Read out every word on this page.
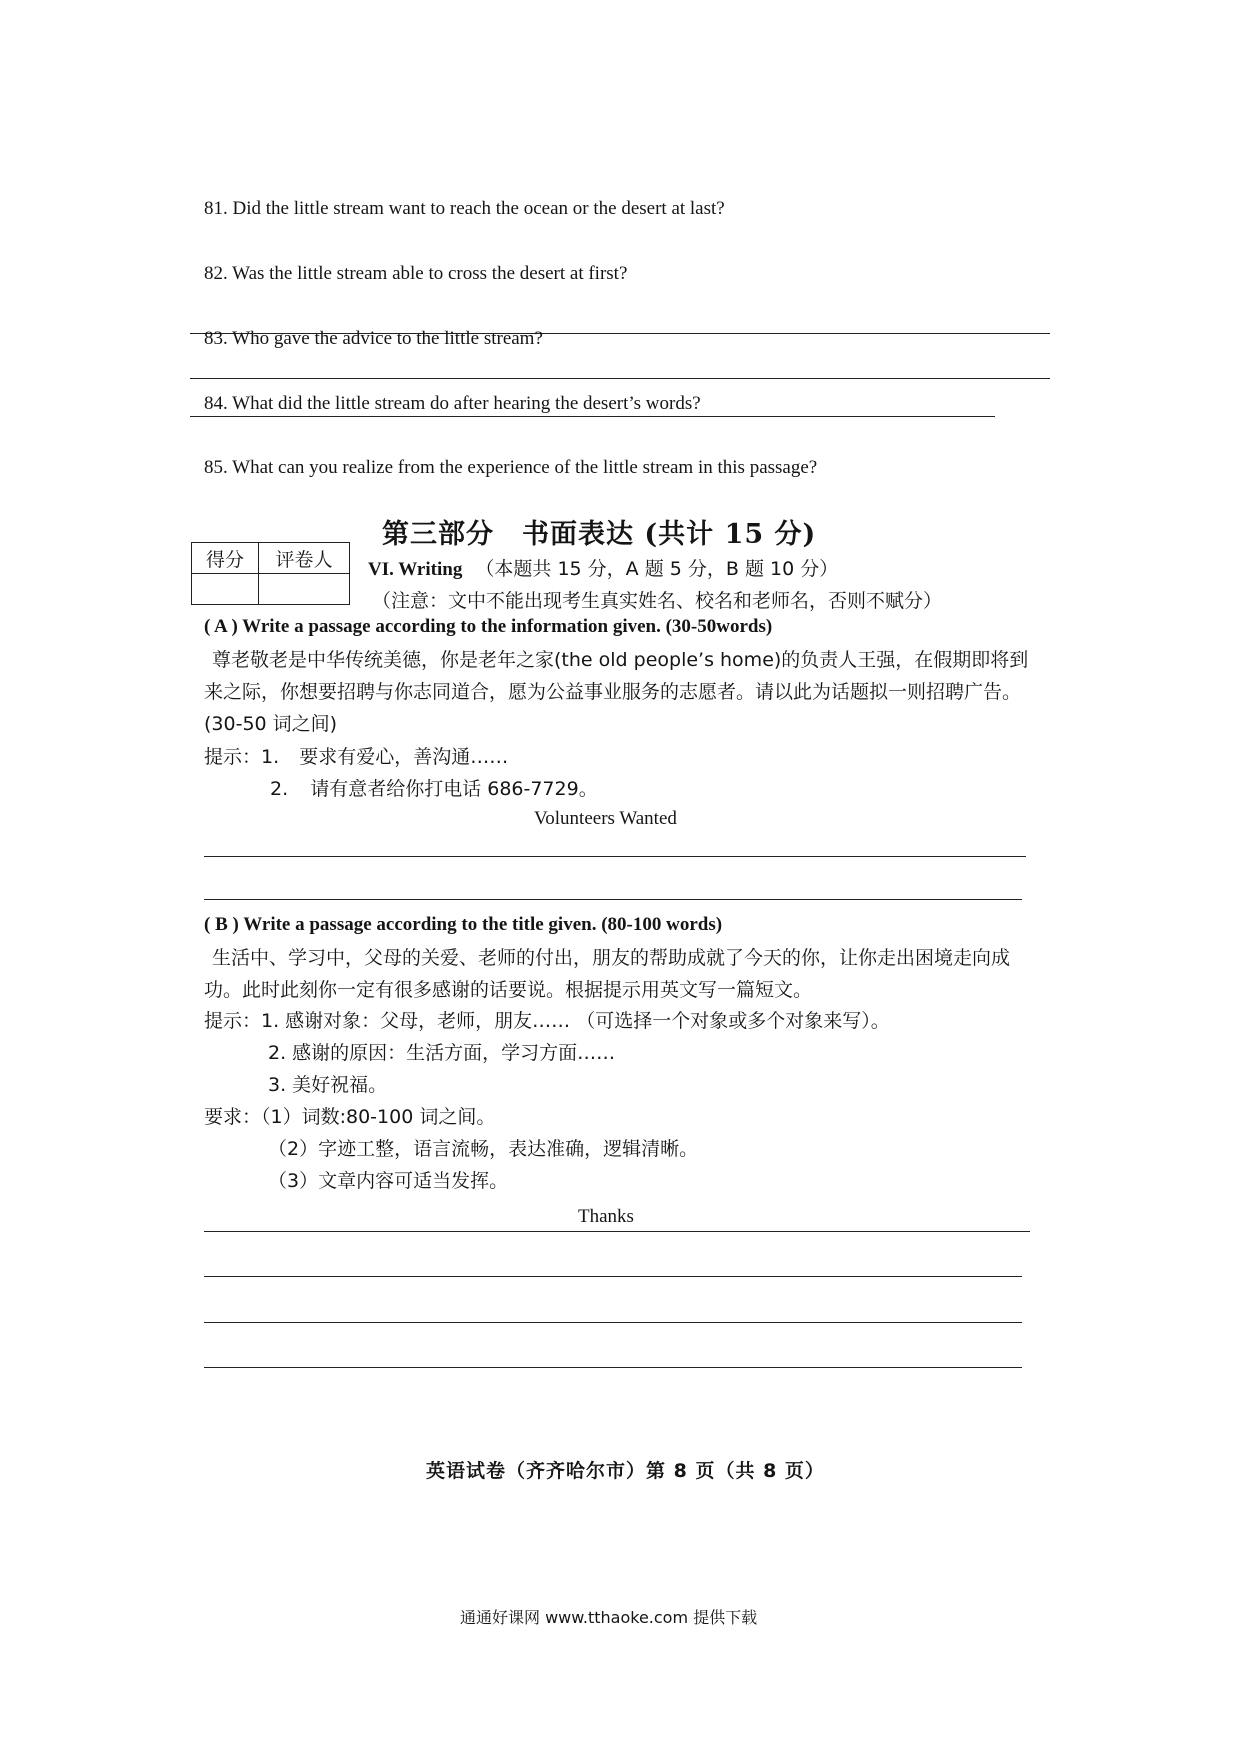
81. Did the little stream want to reach the ocean or the desert at last?
82. Was the little stream able to cross the desert at first?
83. Who gave the advice to the little stream?
84. What did the little stream do after hearing the desert’s words?
85. What can you realize from the experience of the little stream in this passage?
第三部分　书面表达 (共计 15 分)
得分	评卷人
	VI. Writing （本题共 15 分，A 题 5 分，B 题 10 分）
（注意：文中不能出现考生真实姓名、校名和老师名，否则不赋分）
( A ) Write a passage according to the information given. (30-50words)
尊老敬老是中华传统美德，你是老年之家(the old people’s home)的负责人王强，在假期即将到来之际，你想要招聘与你志同道合，愿为公益事业服务的志愿者。请以此为话题拟一则招聘广告。(30-50 词之间)
提示：1. 要求有爱心，善沟通……
2. 请有意者给你打电话 686-7729。
Volunteers Wanted
( B ) Write a passage according to the title given. (80-100 words)
生活中、学习中，父母的关爱、老师的付出，朋友的帮助成就了今天的你，让你走出困境走向成功。此时此刻你一定有很多感谢的话要说。根据提示用英文写一篇短文。
提示：1. 感谢对象：父母，老师，朋友…… （可选择一个对象或多个对象来写）。
2. 感谢的原因：生活方面，学习方面……
3. 美好祝福。
要求：（1）词数:80-100 词之间。
（2）字迹工整，语言流畅，表达准确，逻辑清晰。
（3）文章内容可适当发挥。
Thanks
英语试卷（齐齐哈尔市）第 8 页（共 8 页）
通通好课网 www.tthaoke.com 提供下载
